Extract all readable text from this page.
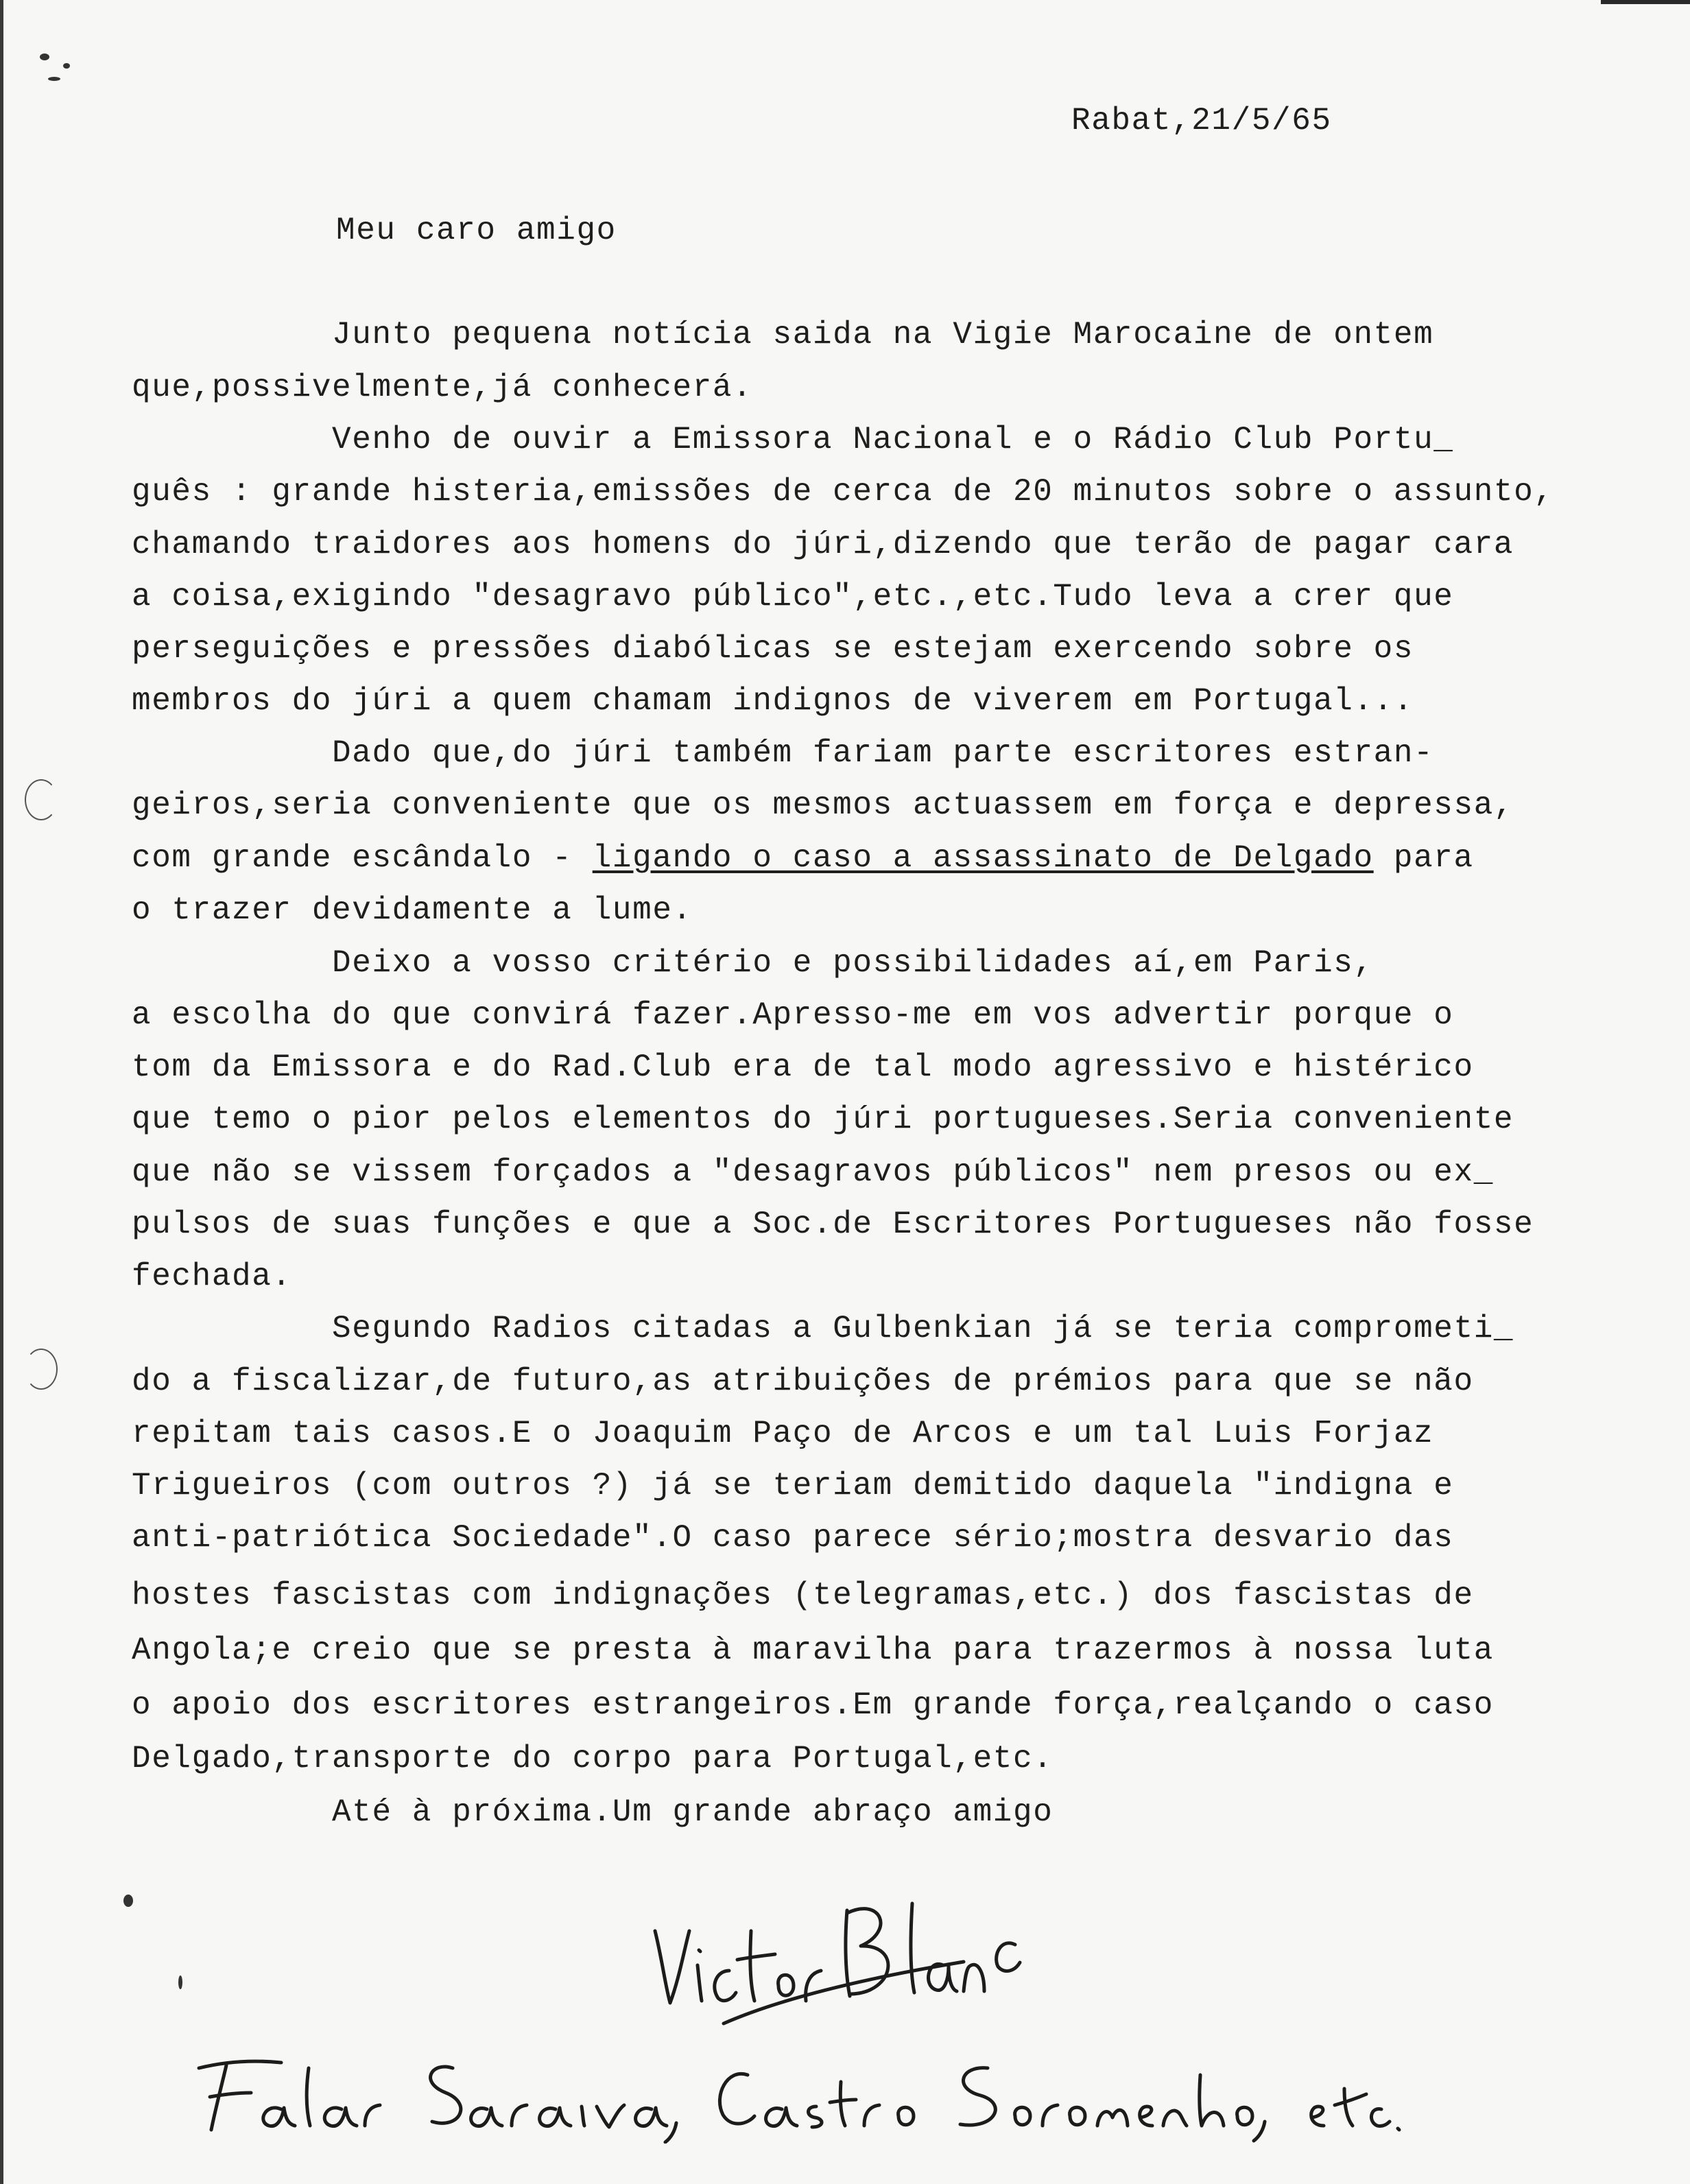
Rabat,21/5/65
Meu caro amigo
Junto pequena notícia saida na Vigie Marocaine de ontem
que,possivelmente,já conhecerá.
Venho de ouvir a Emissora Nacional e o Rádio Club Portu_
guês : grande histeria,emissões de cerca de 20 minutos sobre o assunto,
chamando traidores aos homens do júri,dizendo que terão de pagar cara
a coisa,exigindo "desagravo público",etc.,etc.Tudo leva a crer que
perseguições e pressões diabólicas se estejam exercendo sobre os
membros do júri a quem chamam indignos de viverem em Portugal...
Dado que,do júri também fariam parte escritores estran-
geiros,seria conveniente que os mesmos actuassem em força e depressa,
com grande escândalo - ligando o caso a assassinato de Delgado para
o trazer devidamente a lume.
Deixo a vosso critério e possibilidades aí,em Paris,
a escolha do que convirá fazer.Apresso-me em vos advertir porque o
tom da Emissora e do Rad.Club era de tal modo agressivo e histérico
que temo o pior pelos elementos do júri portugueses.Seria conveniente
que não se vissem forçados a "desagravos públicos" nem presos ou ex_
pulsos de suas funções e que a Soc.de Escritores Portugueses não fosse
fechada.
Segundo Radios citadas a Gulbenkian já se teria comprometi_
do a fiscalizar,de futuro,as atribuições de prémios para que se não
repitam tais casos.E o Joaquim Paço de Arcos e um tal Luis Forjaz
Trigueiros (com outros ?) já se teriam demitido daquela "indigna e
anti-patriótica Sociedade".O caso parece sério;mostra desvario das
hostes fascistas com indignações (telegramas,etc.) dos fascistas de
Angola;e creio que se presta à maravilha para trazermos à nossa luta
o apoio dos escritores estrangeiros.Em grande força,realçando o caso
Delgado,transporte do corpo para Portugal,etc.
Até à próxima.Um grande abraço amigo
